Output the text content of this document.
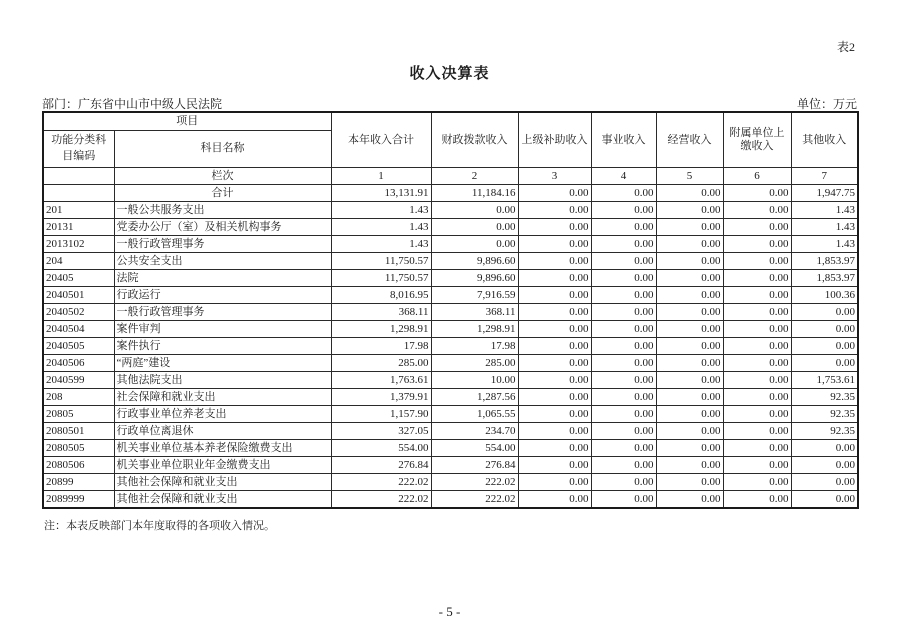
表2
收入决算表
部门：广东省中山市中级人民法院	单位：万元
项目		本年收入合计	财政拨款收入	上级补助收入	事业收入	经营收入	附属单位上缴收入	其他收入
功能分类科目编码	科目名称							
	栏次	1	2	3	4	5	6	7
	合计	13,131.91	11,184.16	0.00	0.00	0.00	0.00	1,947.75
201	一般公共服务支出	1.43	0.00	0.00	0.00	0.00	0.00	1.43
20131	党委办公厅（室）及相关机构事务	1.43	0.00	0.00	0.00	0.00	0.00	1.43
2013102	一般行政管理事务	1.43	0.00	0.00	0.00	0.00	0.00	1.43
204	公共安全支出	11,750.57	9,896.60	0.00	0.00	0.00	0.00	1,853.97
20405	法院	11,750.57	9,896.60	0.00	0.00	0.00	0.00	1,853.97
2040501	行政运行	8,016.95	7,916.59	0.00	0.00	0.00	0.00	100.36
2040502	一般行政管理事务	368.11	368.11	0.00	0.00	0.00	0.00	0.00
2040504	案件审判	1,298.91	1,298.91	0.00	0.00	0.00	0.00	0.00
2040505	案件执行	17.98	17.98	0.00	0.00	0.00	0.00	0.00
2040506	“两庭”建设	285.00	285.00	0.00	0.00	0.00	0.00	0.00
2040599	其他法院支出	1,763.61	10.00	0.00	0.00	0.00	0.00	1,753.61
208	社会保障和就业支出	1,379.91	1,287.56	0.00	0.00	0.00	0.00	92.35
20805	行政事业单位养老支出	1,157.90	1,065.55	0.00	0.00	0.00	0.00	92.35
2080501	行政单位离退休	327.05	234.70	0.00	0.00	0.00	0.00	92.35
2080505	机关事业单位基本养老保险缴费支出	554.00	554.00	0.00	0.00	0.00	0.00	0.00
2080506	机关事业单位职业年金缴费支出	276.84	276.84	0.00	0.00	0.00	0.00	0.00
20899	其他社会保障和就业支出	222.02	222.02	0.00	0.00	0.00	0.00	0.00
2089999	其他社会保障和就业支出	222.02	222.02	0.00	0.00	0.00	0.00	0.00
注：本表反映部门本年度取得的各项收入情况。
- 5 -
